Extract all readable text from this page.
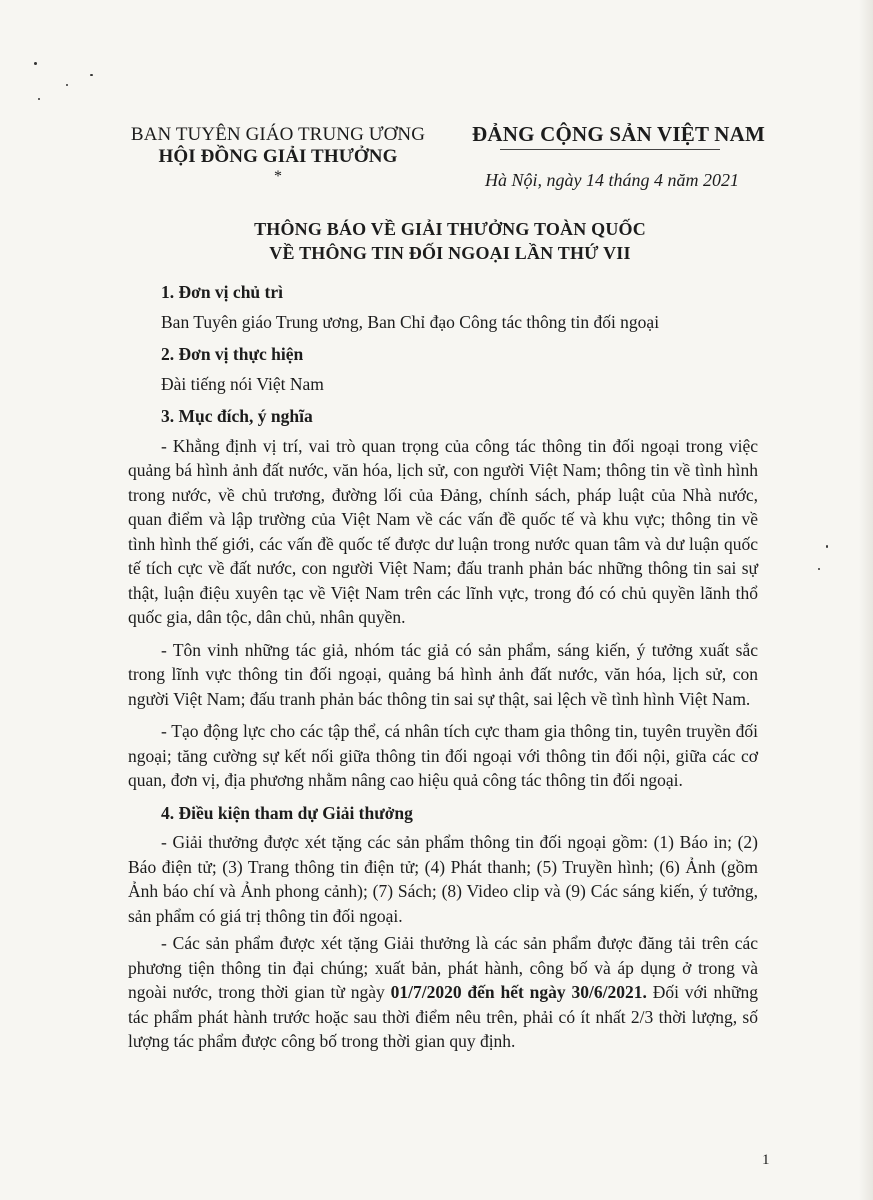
BAN TUYÊN GIÁO TRUNG ƯƠNG
HỘI ĐỒNG GIẢI THƯỞNG
*
ĐẢNG CỘNG SẢN VIỆT NAM
Hà Nội, ngày 14 tháng 4 năm 2021
THÔNG BÁO VỀ GIẢI THƯỞNG TOÀN QUỐC
VỀ THÔNG TIN ĐỐI NGOẠI LẦN THỨ VII
1. Đơn vị chủ trì
Ban Tuyên giáo Trung ương, Ban Chỉ đạo Công tác thông tin đối ngoại
2. Đơn vị thực hiện
Đài tiếng nói Việt Nam
3. Mục đích, ý nghĩa

- Khẳng định vị trí, vai trò quan trọng của công tác thông tin đối ngoại trong việc quảng bá hình ảnh đất nước, văn hóa, lịch sử, con người Việt Nam; thông tin về tình hình trong nước, về chủ trương, đường lối của Đảng, chính sách, pháp luật của Nhà nước, quan điểm và lập trường của Việt Nam về các vấn đề quốc tế và khu vực; thông tin về tình hình thế giới, các vấn đề quốc tế được dư luận trong nước quan tâm và dư luận quốc tế tích cực về đất nước, con người Việt Nam; đấu tranh phản bác những thông tin sai sự thật, luận điệu xuyên tạc về Việt Nam trên các lĩnh vực, trong đó có chủ quyền lãnh thổ quốc gia, dân tộc, dân chủ, nhân quyền.

- Tôn vinh những tác giả, nhóm tác giả có sản phẩm, sáng kiến, ý tưởng xuất sắc trong lĩnh vực thông tin đối ngoại, quảng bá hình ảnh đất nước, văn hóa, lịch sử, con người Việt Nam; đấu tranh phản bác thông tin sai sự thật, sai lệch về tình hình Việt Nam.

- Tạo động lực cho các tập thể, cá nhân tích cực tham gia thông tin, tuyên truyền đối ngoại; tăng cường sự kết nối giữa thông tin đối ngoại với thông tin đối nội, giữa các cơ quan, đơn vị, địa phương nhằm nâng cao hiệu quả công tác thông tin đối ngoại.

4. Điều kiện tham dự Giải thưởng

- Giải thưởng được xét tặng các sản phẩm thông tin đối ngoại gồm: (1) Báo in; (2) Báo điện tử; (3) Trang thông tin điện tử; (4) Phát thanh; (5) Truyền hình; (6) Ảnh (gồm Ảnh báo chí và Ảnh phong cảnh); (7) Sách; (8) Video clip và (9) Các sáng kiến, ý tưởng, sản phẩm có giá trị thông tin đối ngoại.

- Các sản phẩm được xét tặng Giải thưởng là các sản phẩm được đăng tải trên các phương tiện thông tin đại chúng; xuất bản, phát hành, công bố và áp dụng ở trong và ngoài nước, trong thời gian từ ngày 01/7/2020 đến hết ngày 30/6/2021. Đối với những tác phẩm phát hành trước hoặc sau thời điểm nêu trên, phải có ít nhất 2/3 thời lượng, số lượng tác phẩm được công bố trong thời gian quy định.

1
